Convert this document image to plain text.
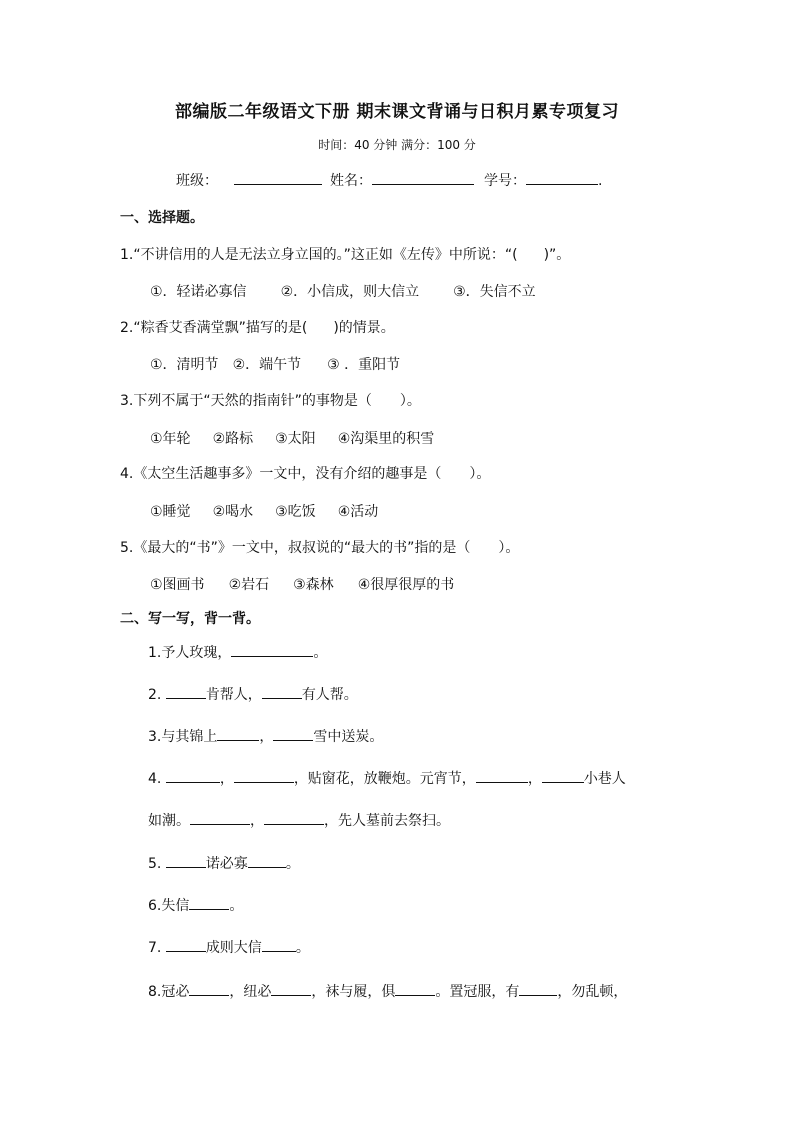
部编版二年级语文下册 期末课文背诵与日积月累专项复习
时间：40 分钟 满分：100 分
班级：	姓名：	学号：	.
一、选择题。
1.“不讲信用的人是无法立身立国的。”这正如《左传》中所说：“( )”。
①．轻诺必寡信 ②．小信成，则大信立 ③．失信不立
2.“粽香艾香满堂飘”描写的是( )的情景。
①．清明节 ②．端午节 ③ ．重阳节
3.下列不属于“天然的指南针”的事物是（　　）。
①年轮 ②路标 ③太阳 ④沟渠里的积雪
4.《太空生活趣事多》一文中，没有介绍的趣事是（　　）。
①睡觉 ②喝水 ③吃饭 ④活动
5.《最大的“书”》一文中，叔叔说的“最大的书”指的是（　　）。
①图画书 ②岩石 ③森林 ④很厚很厚的书
二、写一写，背一背。
1.予人玫瑰，	。
2.	肯帮人，	有人帮。
3.与其锦上	，	雪中送炭。
4.	，	，贴窗花，放鞭炮。元宵节，	，	小巷人
如潮。	，	，先人墓前去祭扫。
5.	诺必寡	。
6.失信	。
7.	成则大信 。
8.冠必	，纽必	，袜与履，俱	。置冠服，有	，勿乱顿，
